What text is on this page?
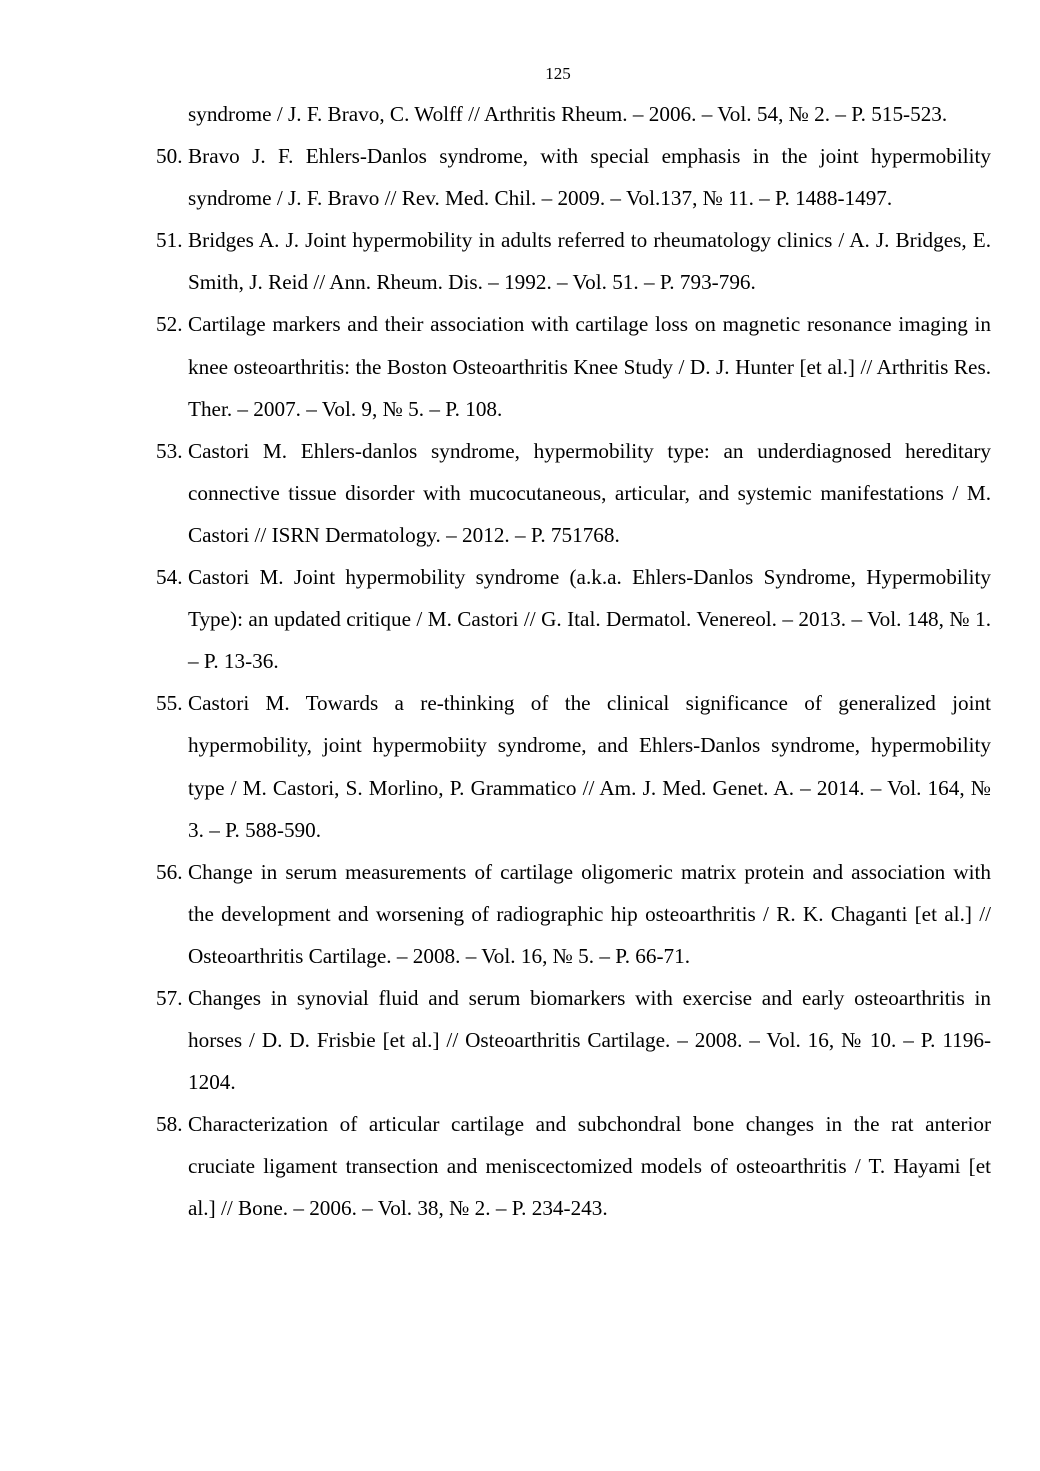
125

syndrome / J. F. Bravo, C. Wolff // Arthritis Rheum. – 2006. – Vol. 54, № 2. – P. 515-523.

50. Bravo J. F. Ehlers-Danlos syndrome, with special emphasis in the joint hypermobility syndrome / J. F. Bravo // Rev. Med. Chil. – 2009. – Vol.137, № 11. – P. 1488-1497.

51. Bridges A. J. Joint hypermobility in adults referred to rheumatology clinics / A. J. Bridges, E. Smith, J. Reid // Ann. Rheum. Dis. – 1992. – Vol. 51. – P. 793-796.

52. Cartilage markers and their association with cartilage loss on magnetic resonance imaging in knee osteoarthritis: the Boston Osteoarthritis Knee Study / D. J. Hunter [et al.] // Arthritis Res. Ther. – 2007. – Vol. 9, № 5. – P. 108.

53. Castori M. Ehlers-danlos syndrome, hypermobility type: an underdiagnosed hereditary connective tissue disorder with mucocutaneous, articular, and systemic manifestations / M. Castori // ISRN Dermatology. – 2012. – P. 751768.

54. Castori M. Joint hypermobility syndrome (a.k.a. Ehlers-Danlos Syndrome, Hypermobility Type): an updated critique / M. Castori // G. Ital. Dermatol. Venereol. – 2013. – Vol. 148, № 1. – P. 13-36.

55. Castori M. Towards a re-thinking of the clinical significance of generalized joint hypermobility, joint hypermobiity syndrome, and Ehlers-Danlos syndrome, hypermobility type / M. Castori, S. Morlino, P. Grammatico // Am. J. Med. Genet. A. – 2014. – Vol. 164, № 3. – P. 588-590.

56. Change in serum measurements of cartilage oligomeric matrix protein and association with the development and worsening of radiographic hip osteoarthritis / R. K. Chaganti [et al.] // Osteoarthritis Cartilage. – 2008. – Vol. 16, № 5. – P. 66-71.

57. Changes in synovial fluid and serum biomarkers with exercise and early osteoarthritis in horses / D. D. Frisbie [et al.] // Osteoarthritis Cartilage. – 2008. – Vol. 16, № 10. – P. 1196-1204.

58. Characterization of articular cartilage and subchondral bone changes in the rat anterior cruciate ligament transection and meniscectomized models of osteoarthritis / T. Hayami [et al.] // Bone. – 2006. – Vol. 38, № 2. – P. 234-243.
